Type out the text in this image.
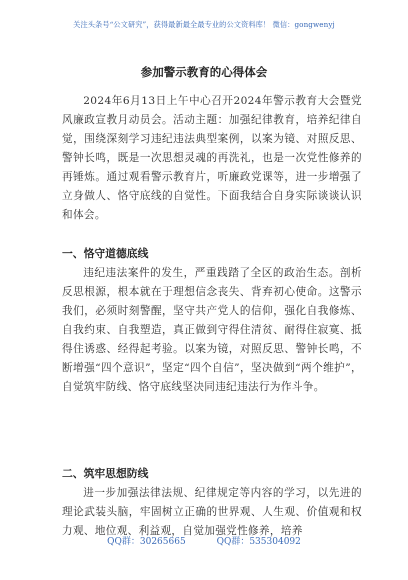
关注头条号“公文研究”，获得最新最全最专业的公文资料库！ 微信：gongwenyj
参加警示教育的心得体会

2024年6月13日上午中心召开2024年警示教育大会暨党风廉政宣教月动员会。活动主题：加强纪律教育，培养纪律自觉，围绕深刻学习违纪违法典型案例，以案为镜、对照反思、警钟长鸣，既是一次思想灵魂的再洗礼，也是一次党性修养的再锤炼。通过观看警示教育片，听廉政党课等，进一步增强了立身做人、恪守底线的自觉性。下面我结合自身实际谈谈认识和体会。

一、恪守道德底线

违纪违法案件的发生，严重践踏了全区的政治生态。剖析反思根源，根本就在于理想信念丧失、背弃初心使命。这警示我们，必须时刻警醒，坚守共产党人的信仰，强化自我修炼、自我约束、自我塑造，真正做到守得住清贫、耐得住寂寞、抵得住诱惑、经得起考验。以案为镜，对照反思、警钟长鸣，不断增强“四个意识”，坚定“四个自信”，坚决做到“两个维护”，自觉筑牢防线、恪守底线坚决同违纪违法行为作斗争。

二、筑牢思想防线

进一步加强法律法规、纪律规定等内容的学习，以先进的理论武装头脑，牢固树立正确的世界观、人生观、价值观和权力观、地位观、利益观，自觉加强党性修养，培养

QQ群：30265665	QQ群：535304092
